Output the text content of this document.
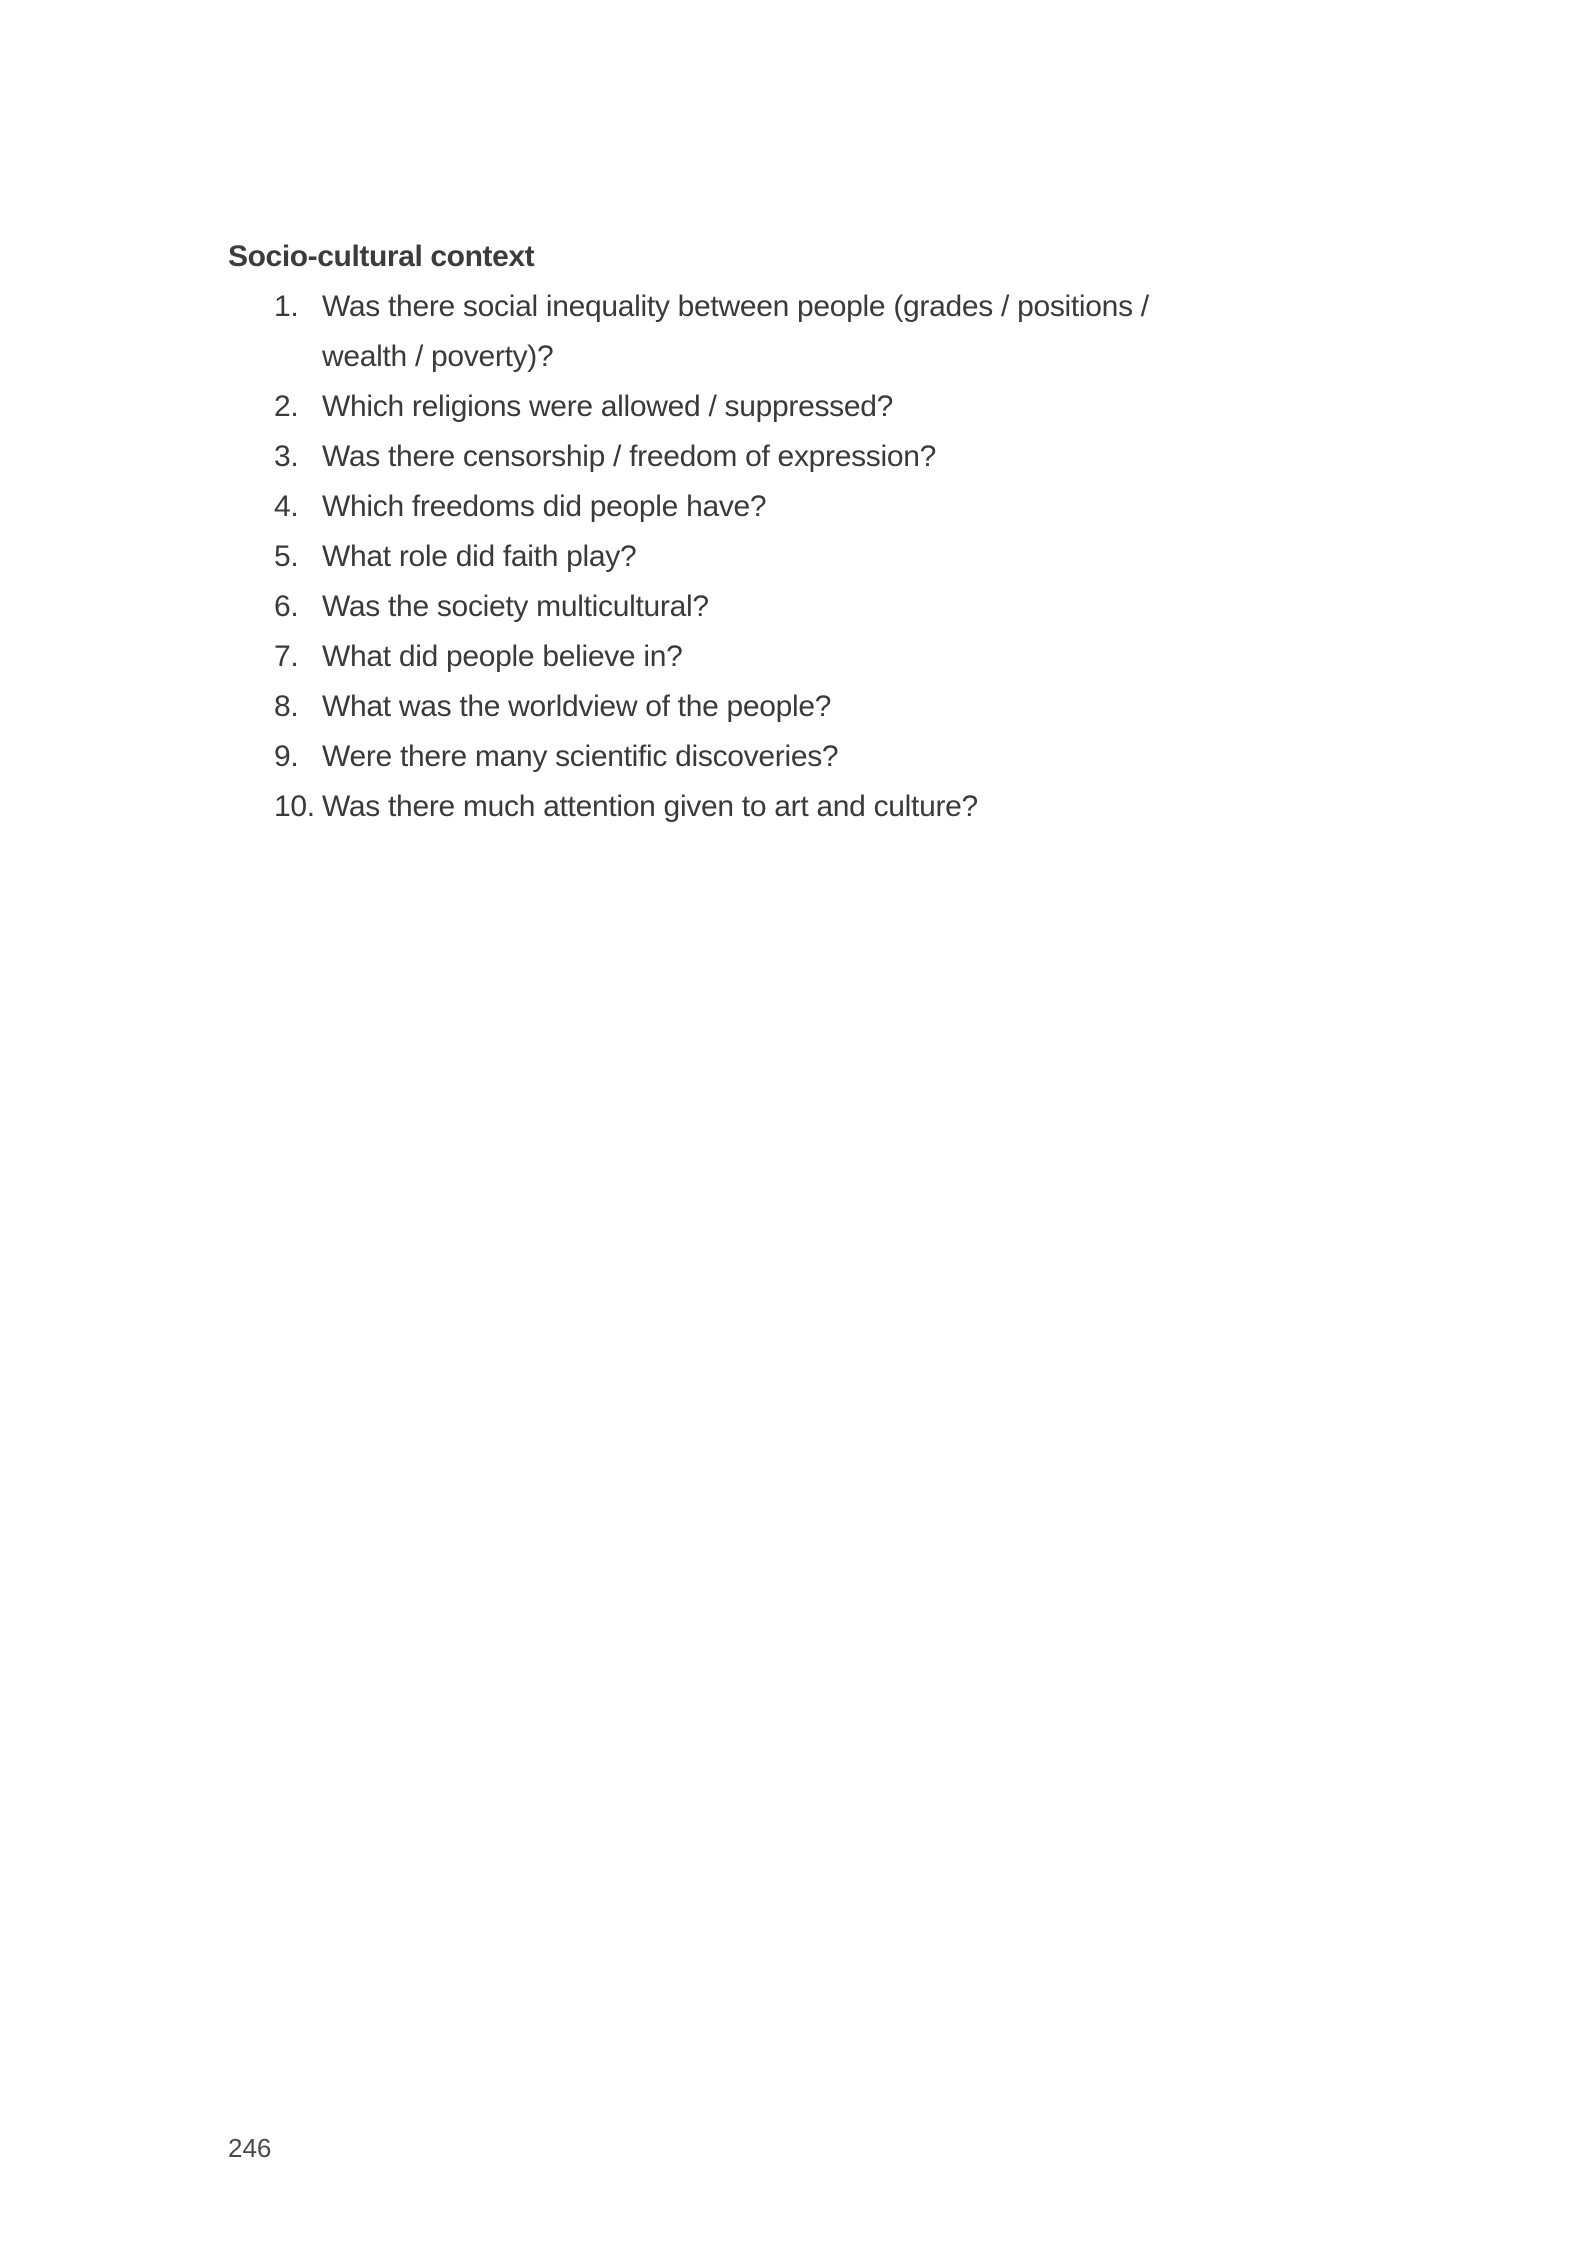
Socio-cultural context
1. Was there social inequality between people (grades / positions / wealth / poverty)?
2. Which religions were allowed / suppressed?
3. Was there censorship / freedom of expression?
4. Which freedoms did people have?
5. What role did faith play?
6. Was the society multicultural?
7. What did people believe in?
8. What was the worldview of the people?
9. Were there many scientific discoveries?
10. Was there much attention given to art and culture?
246
